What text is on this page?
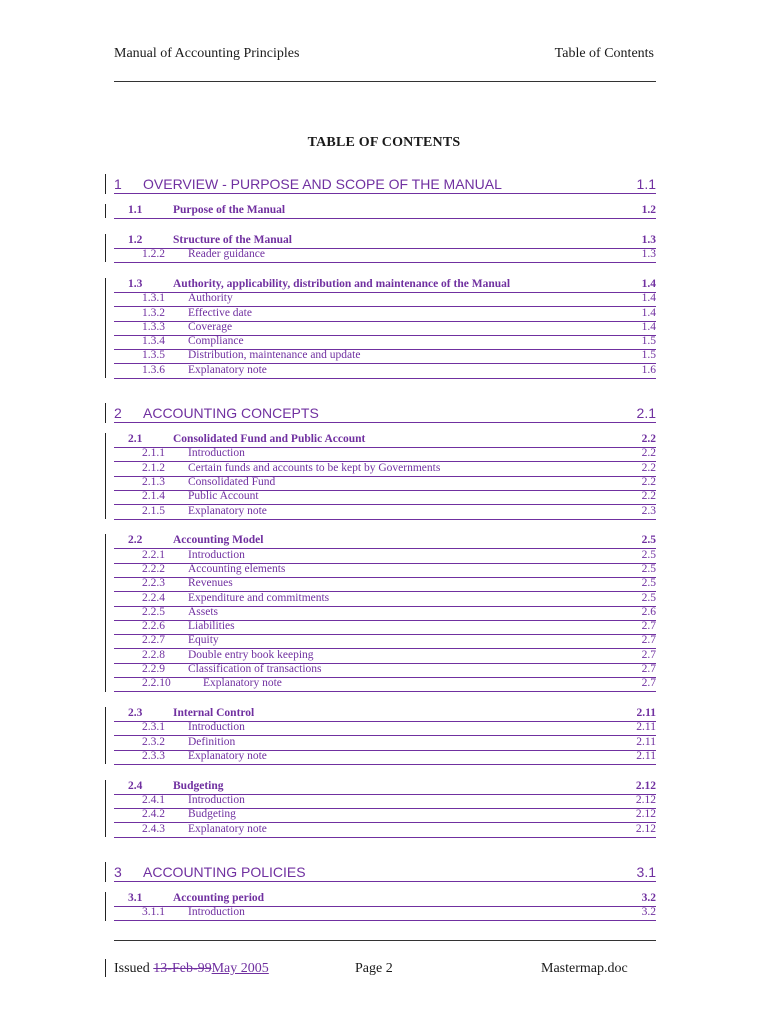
Manual of Accounting Principles	Table of Contents
TABLE OF CONTENTS
1 OVERVIEW - PURPOSE AND SCOPE OF THE MANUAL	1.1
1.1	Purpose of the Manual	1.2
1.2	Structure of the Manual	1.3
1.2.2 Reader guidance	1.3
1.3	Authority, applicability, distribution and maintenance of the Manual	1.4
1.3.1 Authority	1.4
1.3.2 Effective date	1.4
1.3.3 Coverage	1.4
1.3.4 Compliance	1.5
1.3.5 Distribution, maintenance and update	1.5
1.3.6 Explanatory note	1.6
2 ACCOUNTING CONCEPTS	2.1
2.1	Consolidated Fund and Public Account	2.2
2.1.1 Introduction	2.2
2.1.2 Certain funds and accounts to be kept by Governments	2.2
2.1.3 Consolidated Fund	2.2
2.1.4 Public Account	2.2
2.1.5 Explanatory note	2.3
2.2	Accounting Model	2.5
2.2.1 Introduction	2.5
2.2.2 Accounting elements	2.5
2.2.3 Revenues	2.5
2.2.4 Expenditure and commitments	2.5
2.2.5 Assets	2.6
2.2.6 Liabilities	2.7
2.2.7 Equity	2.7
2.2.8 Double entry book keeping	2.7
2.2.9 Classification of transactions	2.7
2.2.10	Explanatory note	2.7
2.3	Internal Control	2.11
2.3.1 Introduction	2.11
2.3.2 Definition	2.11
2.3.3 Explanatory note	2.11
2.4	Budgeting	2.12
2.4.1 Introduction	2.12
2.4.2 Budgeting	2.12
2.4.3 Explanatory note	2.12
3 ACCOUNTING POLICIES	3.1
3.1	Accounting period	3.2
3.1.1 Introduction	3.2
Issued 13-Feb-99May 2005	Page 2	Mastermap.doc
